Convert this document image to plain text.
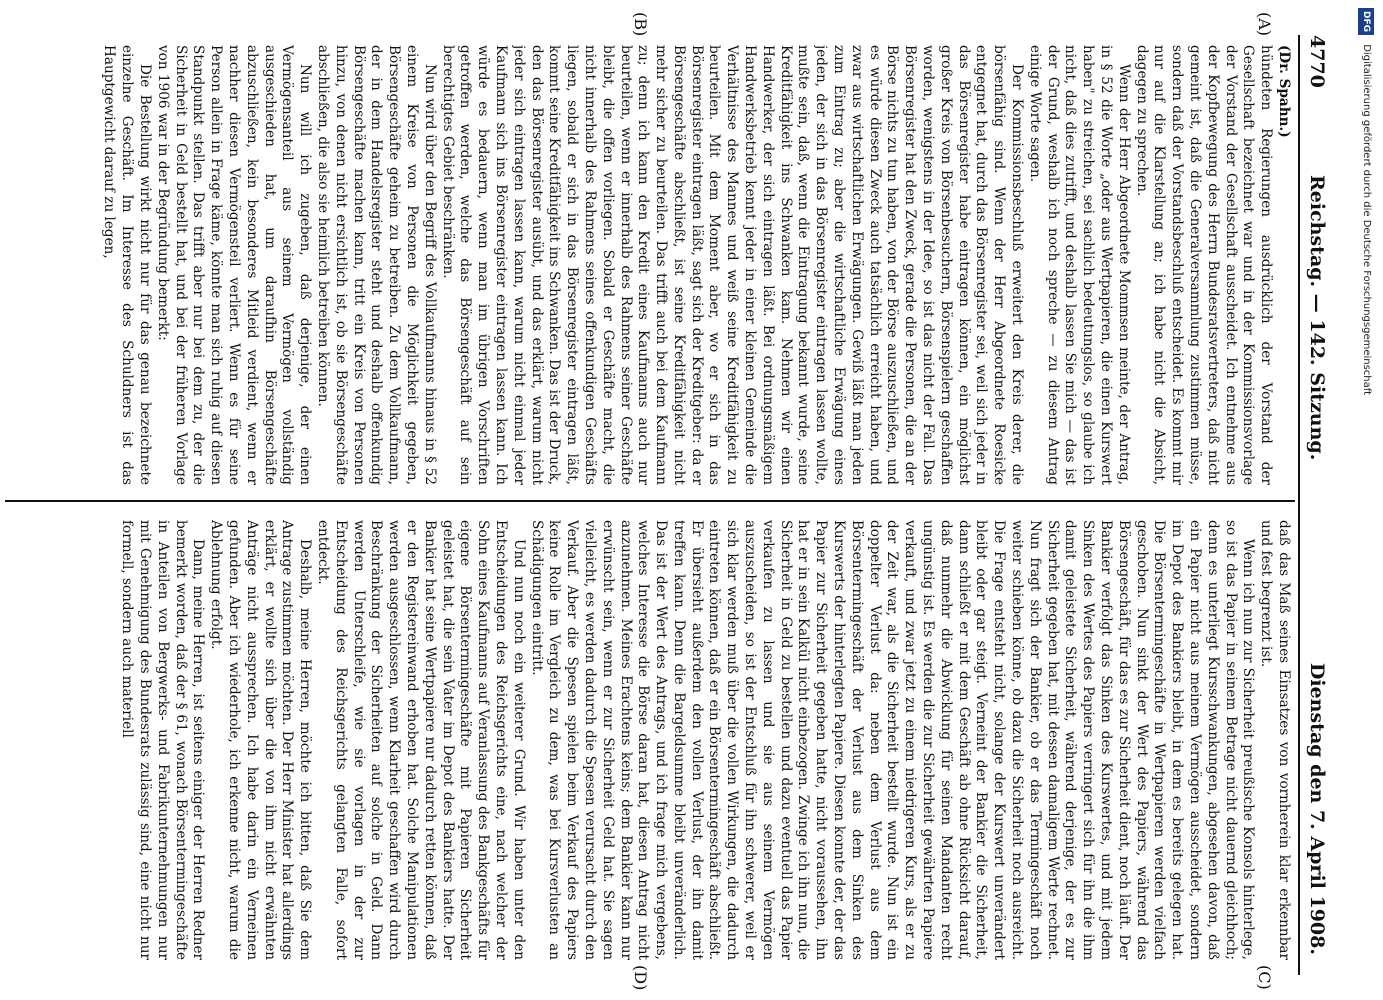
4770
Reichstag. — 142. Sitzung.
Dienstag den 7. April 1908.
(A)
(B)
(C)
(D)

(Dr. Spahn.)

hündeten Regierungen ausdrücklich der Vorstand der Gesellschaft bezeichnet war und in der Kommissionsvorlage der Vorstand der Gesellschaft ausscheidet. Ich entnehme aus der Kopfbewegung des Herrn Bundesratsvertreters, daß nicht gemeint ist, daß die Generalversammlung zustimmen müsse, sondern daß der Vorstandsbeschluß entscheidet. Es kommt mir nur auf die Klarstellung an; ich habe nicht die Absicht, dagegen zu sprechen.

Wenn der Herr Abgeordnete Mommsen meinte, der Antrag, in § 52 die Worte „oder aus Wertpapieren, die einen Kurswert haben" zu streichen, sei sachlich bedeutungslos, so glaube ich nicht, daß dies zutrifft, und deshalb lassen Sie mich — das ist der Grund, weshalb ich noch spreche — zu diesem Antrag einige Worte sagen.

Der Kommissionsbeschluß erweitert den Kreis derer, die börsenfähig sind. Wenn der Herr Abgeordnete Roesicke entgegnet hat, durch das Börsenregister sei, weil sich jeder in das Börsenregister habe eintragen können, ein möglichst großer Kreis von Börsenbesuchern, Börsenspielern geschaffen worden, wenigstens in der Idee, so ist das nicht der Fall. Das Börsenregister hat den Zweck, gerade die Personen, die an der Börse nichts zu tun haben, von der Börse auszuschließen, und es würde diesen Zweck auch tatsächlich erreicht haben, und zwar aus wirtschaftlichen Erwägungen. Gewiß läßt man jeden zum Eintrag zu; aber die wirtschaftliche Erwägung eines jeden, der sich in das Börsenregister eintragen lassen wollte, mußte sein, daß, wenn die Eintragung bekannt wurde, seine Kreditfähigkeit ins Schwanken kam. Nehmen wir einen Handwerker, der sich eintragen läßt. Bei ordnungsmäßigem Handwerksbetrieb kennt jeder in einer kleinen Gemeinde die Verhältnisse des Mannes und weiß seine Kreditfähigkeit zu beurteilen. Mit dem Moment aber, wo er sich in das Börsenregister eintragen läßt, sagt sich der Kreditgeber: da er Börsengeschäfte abschließt, ist seine Kreditfähigkeit nicht mehr sicher zu beurteilen. Das trifft auch bei dem Kaufmann zu; denn ich kann den Kredit eines Kaufmanns auch nur beurteilen, wenn er innerhalb des Rahmens seiner Geschäfte bleibt, die offen vorliegen. Sobald er Geschäfte macht, die nicht innerhalb des Rahmens seines offenkundigen Geschäfts liegen, sobald er sich in das Börsenregister eintragen läßt, kommt seine Kreditfähigkeit ins Schwanken. Das ist der Druck, den das Börsenregister ausübt, und das erklärt, warum nicht jeder sich eintragen lassen kann, warum nicht einmal jeder Kaufmann sich ins Börsenregister eintragen lassen kann. Ich würde es bedauern, wenn man im übrigen Vorschriften getroffen werden, welche das Börsengeschäft auf sein berechtigtes Gebiet beschränken.

Nun wird über den Begriff des Vollkaufmanns hinaus in § 52 einem Kreise von Personen die Möglichkeit gegeben, Börsengeschäfte geheim zu betreiben. Zu dem Vollkaufmann, der in dem Handelsregister steht und deshalb offenkundig Börsengeschäfte machen kann, tritt ein Kreis von Personen hinzu, von denen nicht ersichtlich ist, ob sie Börsengeschäfte abschließen, die also sie heimlich betreiben können.

Nun will ich zugeben, daß derjenige, der einen Vermögensanteil aus seinem Vermögen vollständig ausgeschieden hat, um daraufhin Börsengeschäfte abzuschließen, kein besonderes Mitleid verdient, wenn er nachher diesen Vermögensteil verliert. Wenn es für seine Person allein in Frage käme, könnte man sich ruhig auf diesen Standpunkt stellen. Das trifft aber nur bei dem zu, der die Sicherheit in Geld bestellt hat, und bei der früheren Vorlage von 1906 war in der Begründung bemerkt:

Die Bestellung wirkt nicht nur für das genau bezeichnete einzelne Geschäft. Im Interesse des Schuldners ist das Hauptgewicht darauf zu legen,

daß das Maß seines Einsatzes von vornherein klar erkennbar und fest begrenzt ist.

Wenn ich nun zur Sicherheit preußische Konsols hinterlege, so ist das Papier in seinem Betrage nicht dauernd gleichhoch; denn es unterliegt Kursschwankungen, abgesehen davon, daß ein Papier nicht aus meinem Vermögen ausscheidet, sondern im Depot des Bankiers bleibt, in dem es bereits gelegen hat. Die Börsentermingeschäfte in Wertpapieren werden vielfach geschoben. Nun sinkt der Wert des Papiers, während das Börsengeschäft, für das es zur Sicherheit dient, noch läuft. Der Bankier verfolgt das Sinken des Kurswertes, und mit jedem Sinken des Wertes des Papiers verringert sich für ihn die ihm damit geleistete Sicherheit, während derjenige, der es zur Sicherheit gegeben hat, mit dessen damaligem Werte rechnet. Nun fragt sich der Bankier, ob er das Termingeschäft noch weiter schieben könne, ob dazu die Sicherheit noch ausreicht. Die Frage entsteht nicht, solange der Kurswert unverändert bleibt oder gar steigt. Verneint der Bankier die Sicherheit, dann schließt er mit dem Geschäft ab ohne Rücksicht darauf, daß nunmehr die Abwicklung für seinen Mandanten recht ungünstig ist. Es werden die zur Sicherheit gewährten Papiere verkauft, und zwar jetzt zu einem niedrigeren Kurs, als er zu der Zeit war, als die Sicherheit bestellt wurde. Nun ist ein doppelter Verlust da: neben dem Verlust aus dem Börsentermingeschäft der Verlust aus dem Sinken des Kurswerts der hinterlegten Papiere. Diesen konnte der, der das Papier zur Sicherheit gegeben hatte, nicht voraussehen, ihn hat er in sein Kalkül nicht einbezogen. Zwinge ich ihn nun, die Sicherheit in Geld zu bestellen und dazu eventuell das Papier verkaufen zu lassen und sie aus seinem Vermögen auszuscheiden, so ist der Entschluß für ihn schwerer, weil er sich klar werden muß über die vollen Wirkungen, die dadurch eintreten können, daß er ein Börsentermingeschäft abschließt. Er übersieht außerdem den vollen Verlust, der ihn damit treffen kann. Denn die Bargeldsumme bleibt unveränderlich. Das ist der Wert des Antrags, und ich frage mich vergebens, welches Interesse die Börse daran hat, diesen Antrag nicht anzunehmen. Meines Erachtens keins; dem Bankier kann nur erwünscht sein, wenn er zur Sicherheit Geld hat. Sie sagen vielleicht, es werden dadurch die Spesen verursacht durch den Verkauf. Aber die Spesen spielen beim Verkauf des Papiers keine Rolle im Vergleich zu dem, was bei Kursverlusten an Schädigungen eintritt.

Und nun noch ein weiterer Grund. Wir haben unter den Entscheidungen des Reichsgerichts eine, nach welcher der Sohn eines Kaufmanns auf Veranlassung des Bankgeschäfts für eigene Börsentermingeschäfte mit Papieren Sicherheit geleistet hat, die sein Vater im Depot des Bankiers hatte. Der Bankier hat seine Wertpapiere nur dadurch retten können, daß er den Registereinwand erhoben hat. Solche Manipulationen werden ausgeschlossen, wenn Klarheit geschaffen wird durch Beschränkung der Sicherheiten auf solche in Geld. Dann werden Unterschleife, wie sie vorlagen in der zur Entscheidung des Reichsgerichts gelangten Falle, sofort entdeckt.

Deshalb, meine Herren, möchte ich bitten, daß Sie dem Antrage zustimmen möchten. Der Herr Minister hat allerdings erklärt, er wollte sich über die von ihm nicht erwähnten Anträge nicht aussprechen. Ich habe darin ein Verneinen gefunden. Aber ich wiederhole, ich erkenne nicht, warum die Ablehnung erfolgt.

Dann, meine Herren, ist seitens einiger der Herren Redner bemerkt worden, daß der § 61, wonach Börsentermingeschäfte in Anteilen von Bergwerks- und Fabrikunternehmungen nur mit Genehmigung des Bundesrats zulässig sind, eine nicht nur formell, sondern auch materiell

DFG Digitalisierung gefördert durch die Deutsche Forschungsgemeinschaft
